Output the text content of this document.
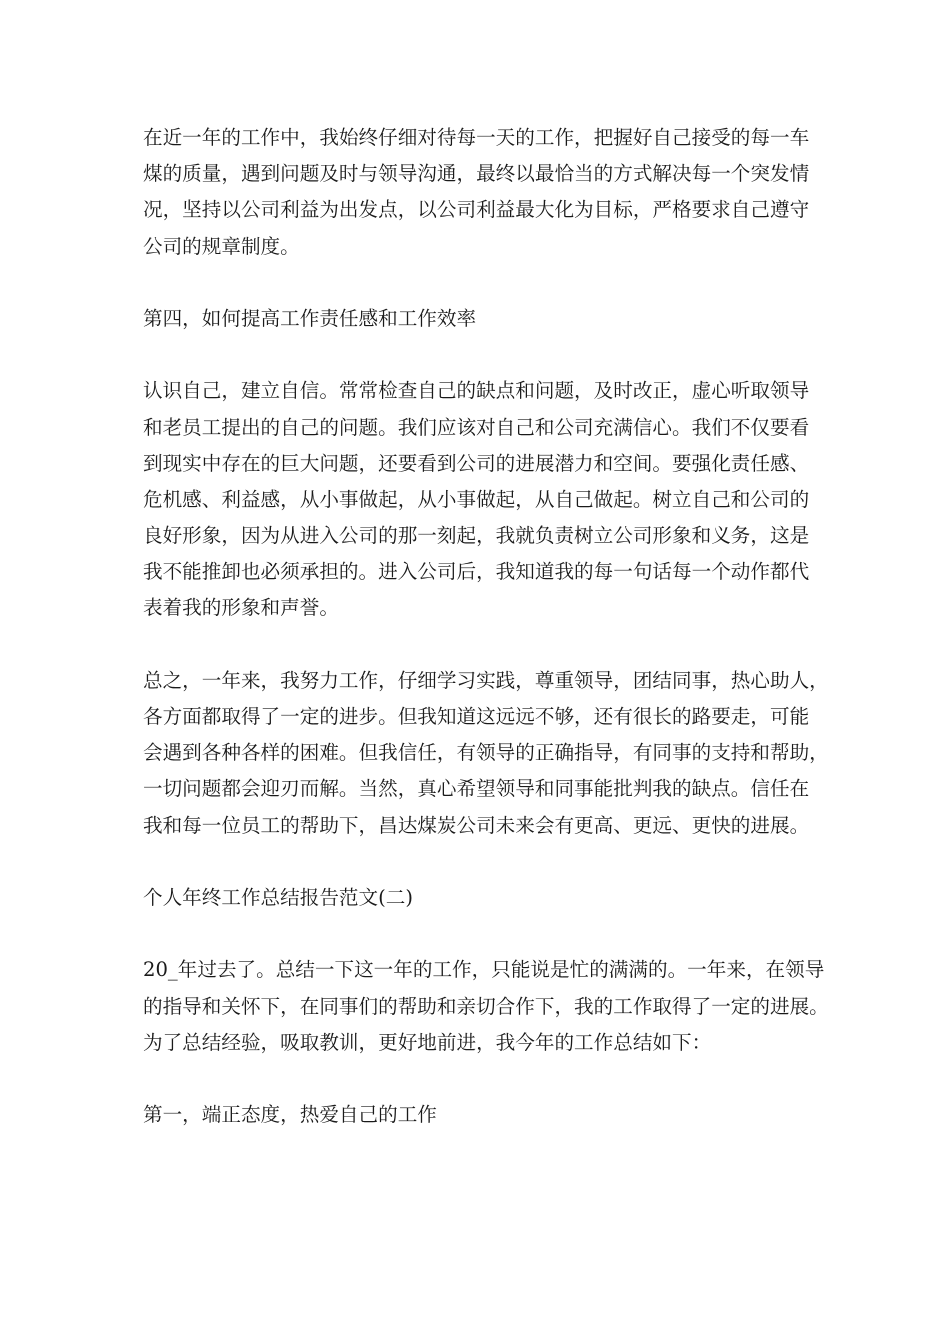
在近一年的工作中，我始终仔细对待每一天的工作，把握好自己接受的每一车
煤的质量，遇到问题及时与领导沟通，最终以最恰当的方式解决每一个突发情
况，坚持以公司利益为出发点，以公司利益最大化为目标，严格要求自己遵守
公司的规章制度。
第四，如何提高工作责任感和工作效率
认识自己，建立自信。常常检查自己的缺点和问题，及时改正，虚心听取领导
和老员工提出的自己的问题。我们应该对自己和公司充满信心。我们不仅要看
到现实中存在的巨大问题，还要看到公司的进展潜力和空间。要强化责任感、
危机感、利益感，从小事做起，从小事做起，从自己做起。树立自己和公司的
良好形象，因为从进入公司的那一刻起，我就负责树立公司形象和义务，这是
我不能推卸也必须承担的。进入公司后，我知道我的每一句话每一个动作都代
表着我的形象和声誉。
总之，一年来，我努力工作，仔细学习实践，尊重领导，团结同事，热心助人，
各方面都取得了一定的进步。但我知道这远远不够，还有很长的路要走，可能
会遇到各种各样的困难。但我信任，有领导的正确指导，有同事的支持和帮助，
一切问题都会迎刃而解。当然，真心希望领导和同事能批判我的缺点。信任在
我和每一位员工的帮助下，昌达煤炭公司未来会有更高、更远、更快的进展。
个人年终工作总结报告范文(二)
20_年过去了。总结一下这一年的工作，只能说是忙的满满的。一年来，在领导
的指导和关怀下，在同事们的帮助和亲切合作下，我的工作取得了一定的进展。
为了总结经验，吸取教训，更好地前进，我今年的工作总结如下：
第一，端正态度，热爱自己的工作
